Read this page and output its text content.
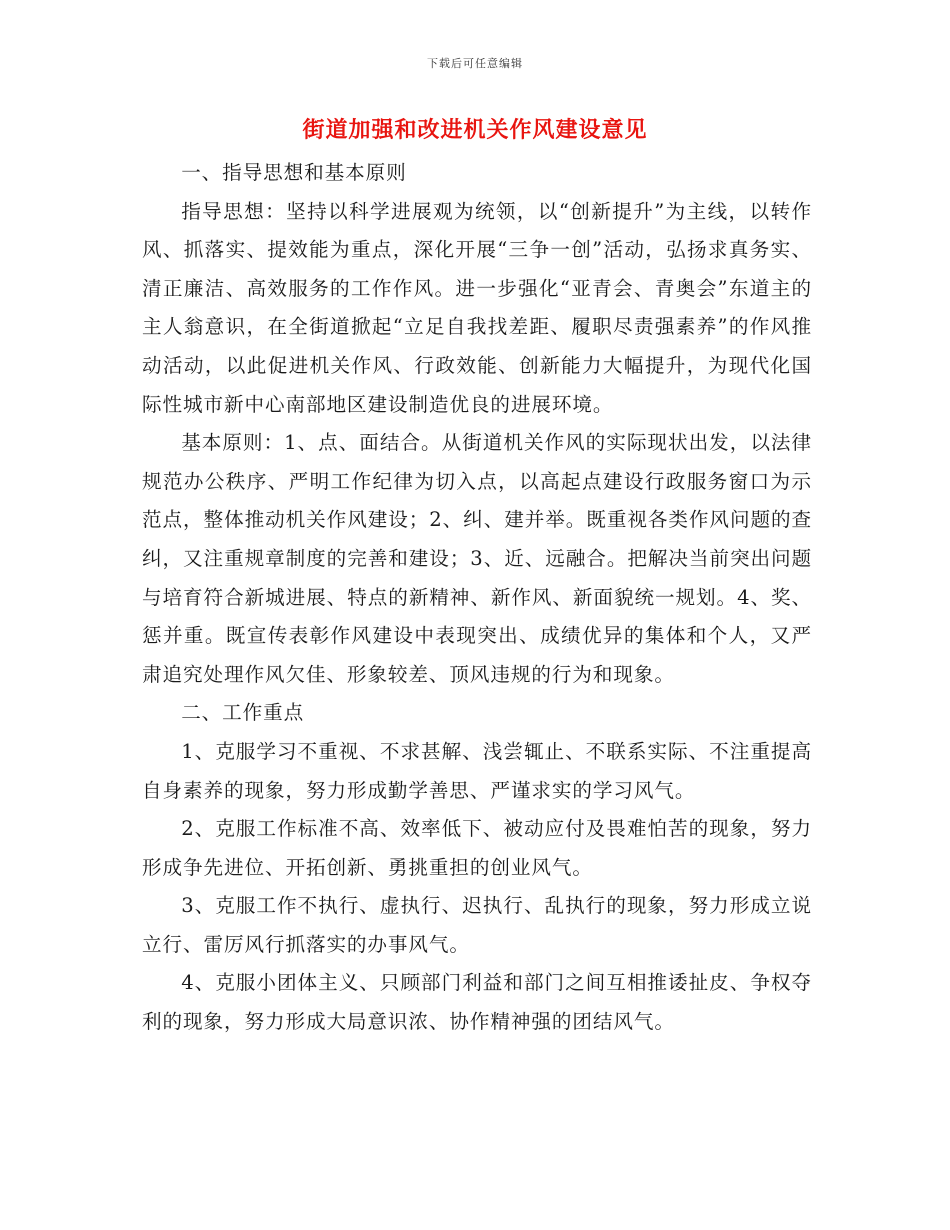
下载后可任意编辑
街道加强和改进机关作风建设意见

一、指导思想和基本原则

指导思想：坚持以科学进展观为统领，以“创新提升”为主线，以转作风、抓落实、提效能为重点，深化开展“三争一创”活动，弘扬求真务实、清正廉洁、高效服务的工作作风。进一步强化“亚青会、青奥会”东道主的主人翁意识，在全街道掀起“立足自我找差距、履职尽责强素养”的作风推动活动，以此促进机关作风、行政效能、创新能力大幅提升，为现代化国际性城市新中心南部地区建设制造优良的进展环境。

基本原则：1、点、面结合。从街道机关作风的实际现状出发，以法律规范办公秩序、严明工作纪律为切入点，以高起点建设行政服务窗口为示范点，整体推动机关作风建设；2、纠、建并举。既重视各类作风问题的查纠，又注重规章制度的完善和建设；3、近、远融合。把解决当前突出问题与培育符合新城进展、特点的新精神、新作风、新面貌统一规划。4、奖、惩并重。既宣传表彰作风建设中表现突出、成绩优异的集体和个人，又严肃追究处理作风欠佳、形象较差、顶风违规的行为和现象。

二、工作重点

1、克服学习不重视、不求甚解、浅尝辄止、不联系实际、不注重提高自身素养的现象，努力形成勤学善思、严谨求实的学习风气。

2、克服工作标准不高、效率低下、被动应付及畏难怕苦的现象，努力形成争先进位、开拓创新、勇挑重担的创业风气。

3、克服工作不执行、虚执行、迟执行、乱执行的现象，努力形成立说立行、雷厉风行抓落实的办事风气。

4、克服小团体主义、只顾部门利益和部门之间互相推诿扯皮、争权夺利的现象，努力形成大局意识浓、协作精神强的团结风气。
